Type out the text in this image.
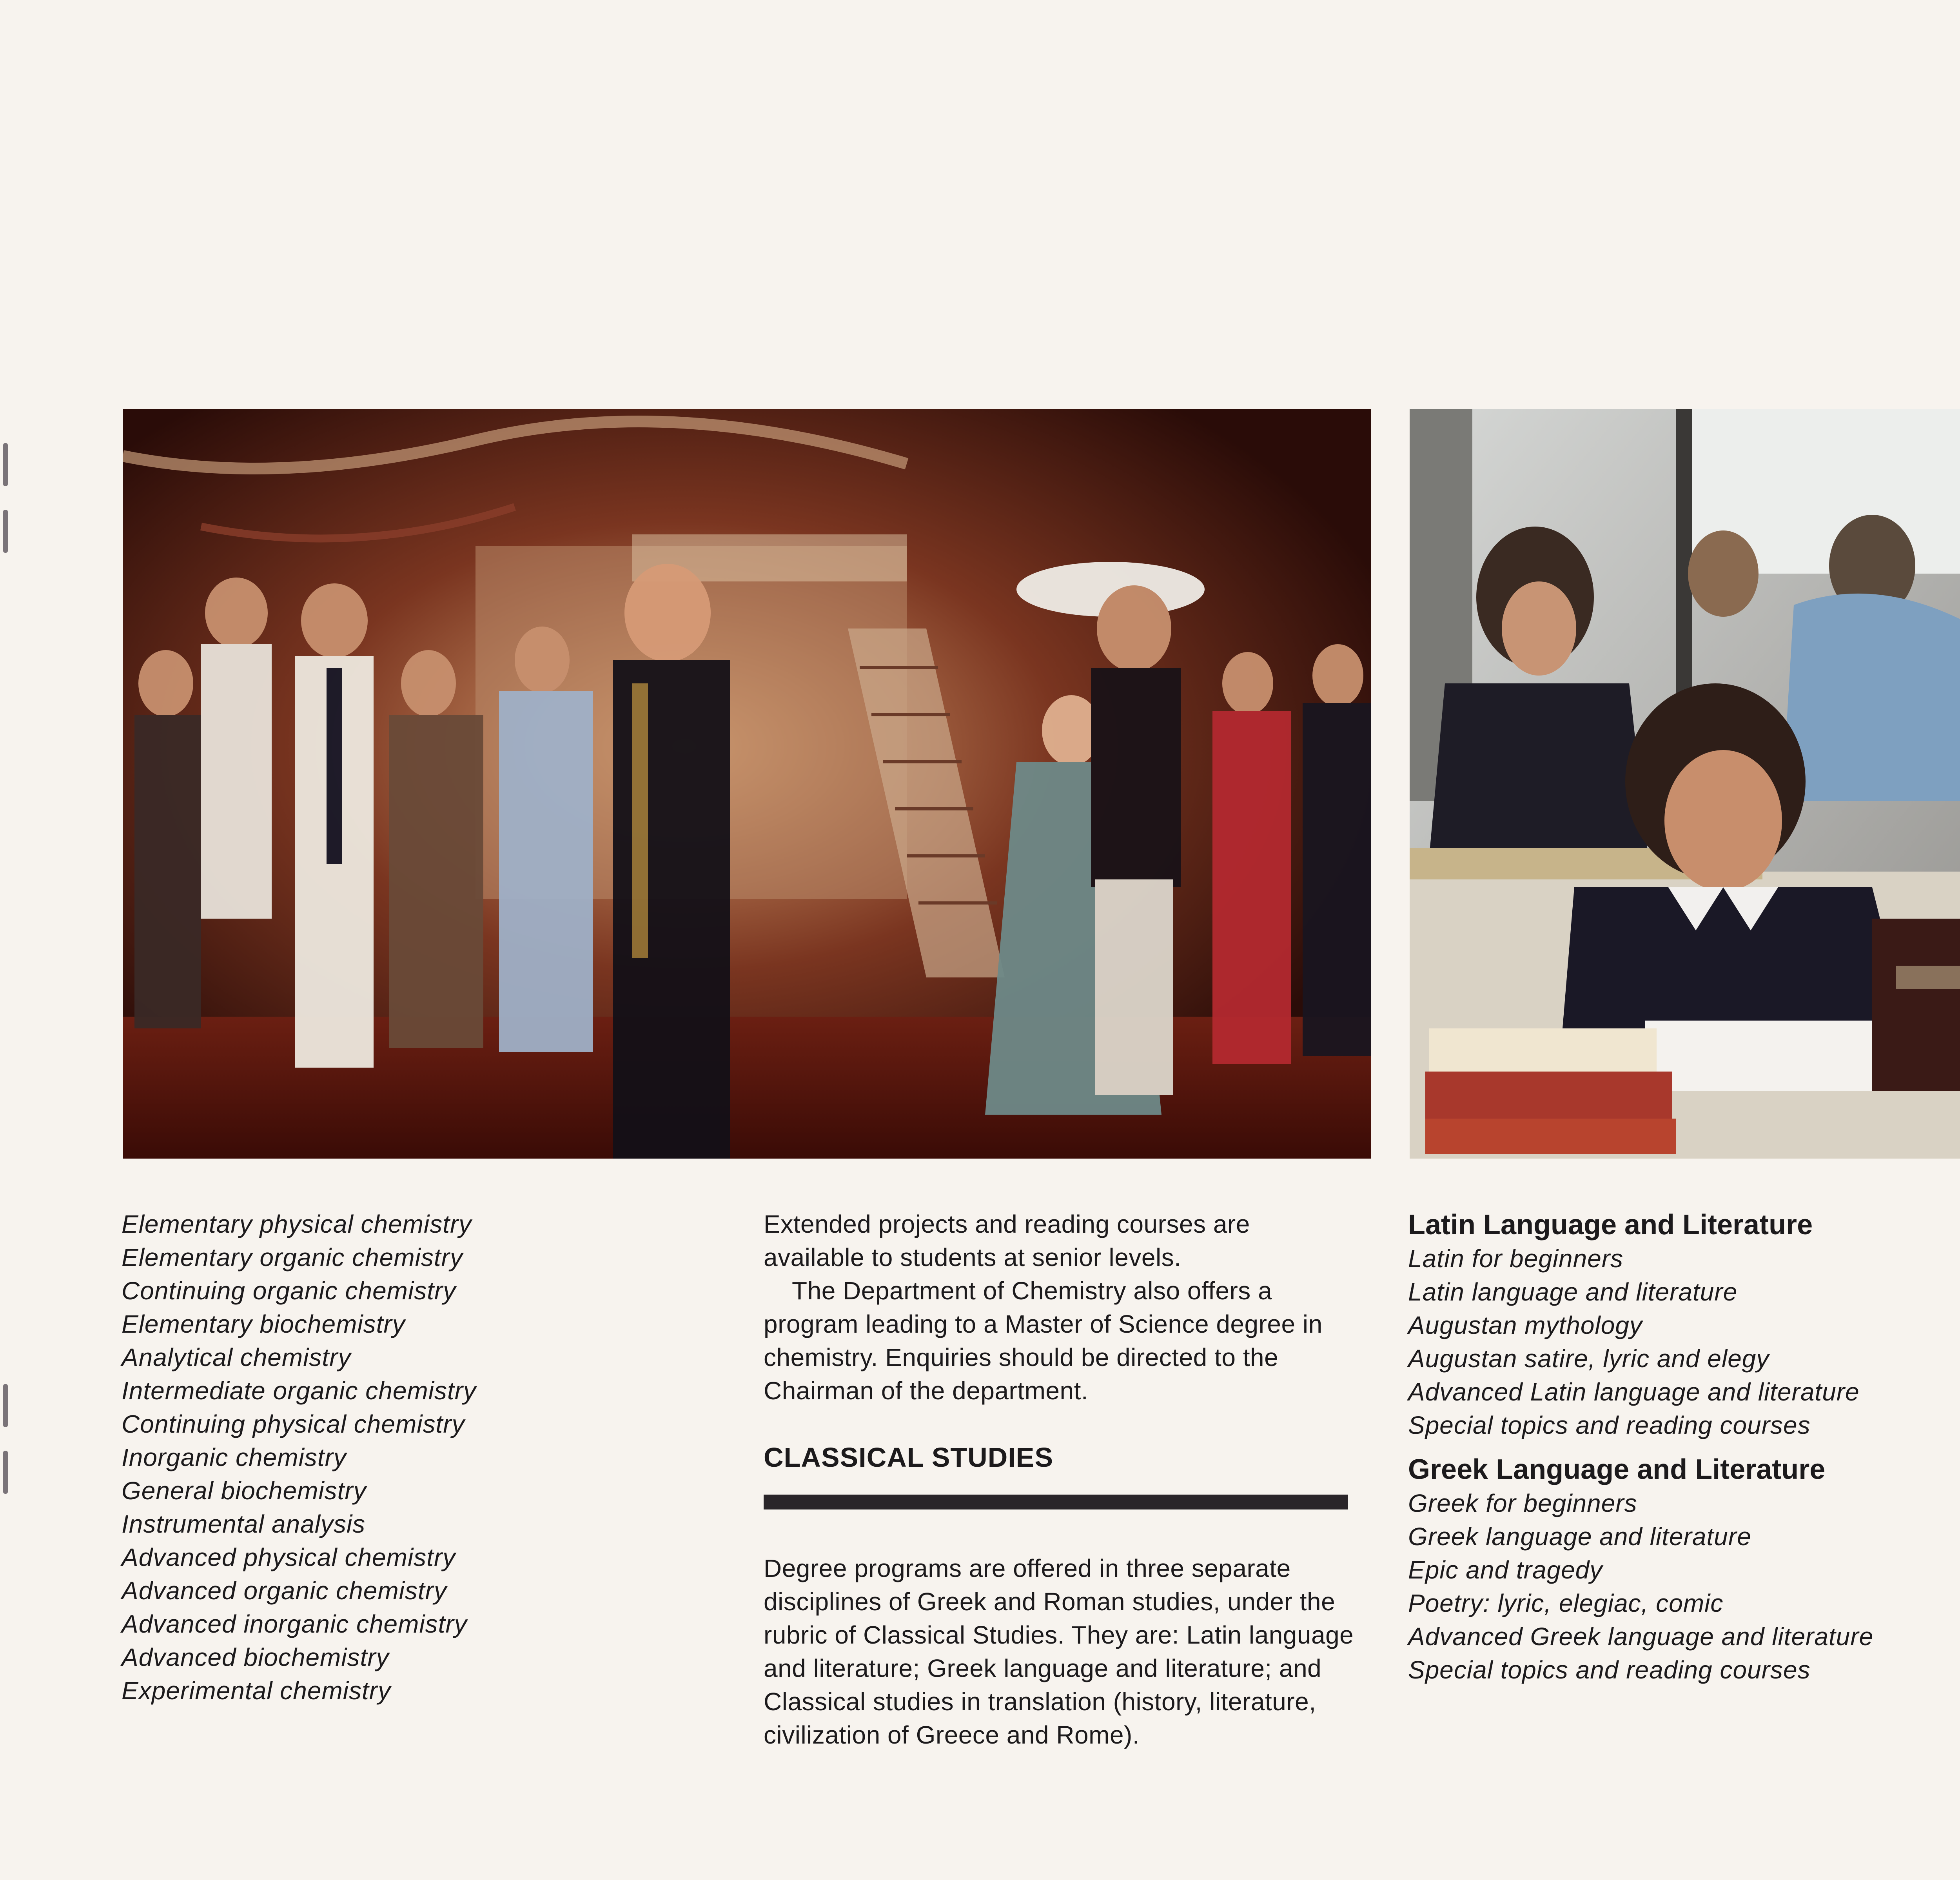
Elementary physical chemistry
Elementary organic chemistry
Continuing organic chemistry
Elementary biochemistry
Analytical chemistry
Intermediate organic chemistry
Continuing physical chemistry
Inorganic chemistry
General biochemistry
Instrumental analysis
Advanced physical chemistry
Advanced organic chemistry
Advanced inorganic chemistry
Advanced biochemistry
Experimental chemistry

Extended projects and reading courses are available to students at senior levels.

The Department of Chemistry also offers a program leading to a Master of Science degree in chemistry. Enquiries should be directed to the Chairman of the department.

CLASSICAL STUDIES

Degree programs are offered in three separate disciplines of Greek and Roman studies, under the rubric of Classical Studies. They are: Latin language and literature; Greek language and literature; and Classical studies in translation (history, literature, civilization of Greece and Rome).

Latin Language and Literature
Latin for beginners
Latin language and literature
Augustan mythology
Augustan satire, lyric and elegy
Advanced Latin language and literature
Special topics and reading courses
Greek Language and Literature
Greek for beginners
Greek language and literature
Epic and tragedy
Poetry: lyric, elegiac, comic
Advanced Greek language and literature
Special topics and reading courses
